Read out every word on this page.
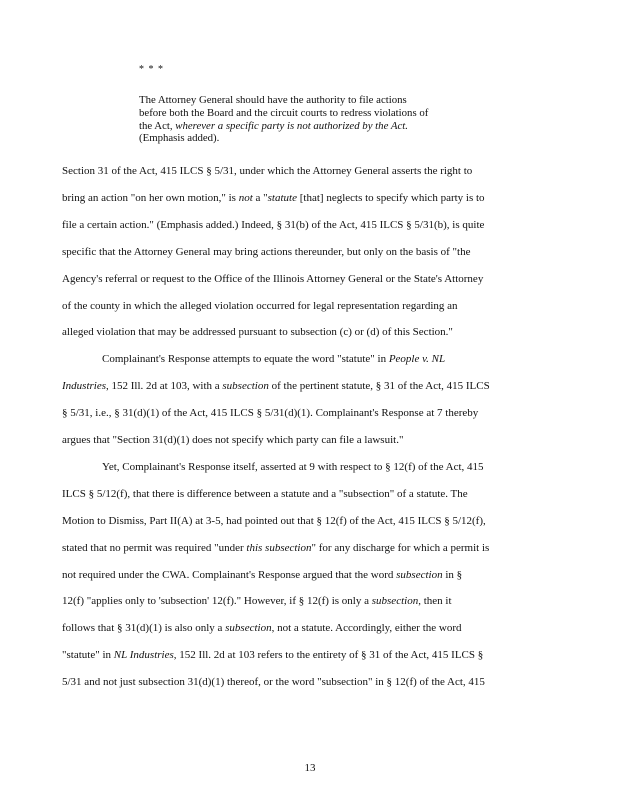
* * *
The Attorney General should have the authority to file actions
before both the Board and the circuit courts to redress violations of
the Act, wherever a specific party is not authorized by the Act.
(Emphasis added).
Section 31 of the Act, 415 ILCS § 5/31, under which the Attorney General asserts the right to
bring an action "on her own motion," is not a "statute [that] neglects to specify which party is to
file a certain action." (Emphasis added.) Indeed, § 31(b) of the Act, 415 ILCS § 5/31(b), is quite
specific that the Attorney General may bring actions thereunder, but only on the basis of "the
Agency's referral or request to the Office of the Illinois Attorney General or the State's Attorney
of the county in which the alleged violation occurred for legal representation regarding an
alleged violation that may be addressed pursuant to subsection (c) or (d) of this Section."
Complainant's Response attempts to equate the word "statute" in People v. NL
Industries, 152 Ill. 2d at 103, with a subsection of the pertinent statute, § 31 of the Act, 415 ILCS
§ 5/31, i.e., § 31(d)(1) of the Act, 415 ILCS § 5/31(d)(1). Complainant's Response at 7 thereby
argues that "Section 31(d)(1) does not specify which party can file a lawsuit."
Yet, Complainant's Response itself, asserted at 9 with respect to § 12(f) of the Act, 415
ILCS § 5/12(f), that there is difference between a statute and a "subsection" of a statute. The
Motion to Dismiss, Part II(A) at 3-5, had pointed out that § 12(f) of the Act, 415 ILCS § 5/12(f),
stated that no permit was required "under this subsection" for any discharge for which a permit is
not required under the CWA. Complainant's Response argued that the word subsection in §
12(f) "applies only to 'subsection' 12(f)." However, if § 12(f) is only a subsection, then it
follows that § 31(d)(1) is also only a subsection, not a statute. Accordingly, either the word
"statute" in NL Industries, 152 Ill. 2d at 103 refers to the entirety of § 31 of the Act, 415 ILCS §
5/31 and not just subsection 31(d)(1) thereof, or the word "subsection" in § 12(f) of the Act, 415
13
